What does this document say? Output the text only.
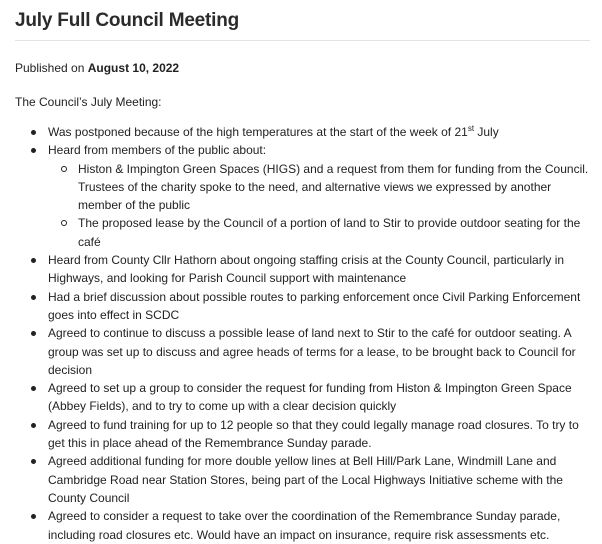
July Full Council Meeting
Published on August 10, 2022
The Council’s July Meeting:
Was postponed because of the high temperatures at the start of the week of 21st July
Heard from members of the public about:
Histon & Impington Green Spaces (HIGS) and a request from them for funding from the Council. Trustees of the charity spoke to the need, and alternative views we expressed by another member of the public
The proposed lease by the Council of a portion of land to Stir to provide outdoor seating for the café
Heard from County Cllr Hathorn about ongoing staffing crisis at the County Council, particularly in Highways, and looking for Parish Council support with maintenance
Had a brief discussion about possible routes to parking enforcement once Civil Parking Enforcement goes into effect in SCDC
Agreed to continue to discuss a possible lease of land next to Stir to the café for outdoor seating. A group was set up to discuss and agree heads of terms for a lease, to be brought back to Council for decision
Agreed to set up a group to consider the request for funding from Histon & Impington Green Space (Abbey Fields), and to try to come up with a clear decision quickly
Agreed to fund training for up to 12 people so that they could legally manage road closures. To try to get this in place ahead of the Remembrance Sunday parade.
Agreed additional funding for more double yellow lines at Bell Hill/Park Lane, Windmill Lane and Cambridge Road near Station Stores, being part of the Local Highways Initiative scheme with the County Council
Agreed to consider a request to take over the coordination of the Remembrance Sunday parade, including road closures etc. Would have an impact on insurance, require risk assessments etc.
